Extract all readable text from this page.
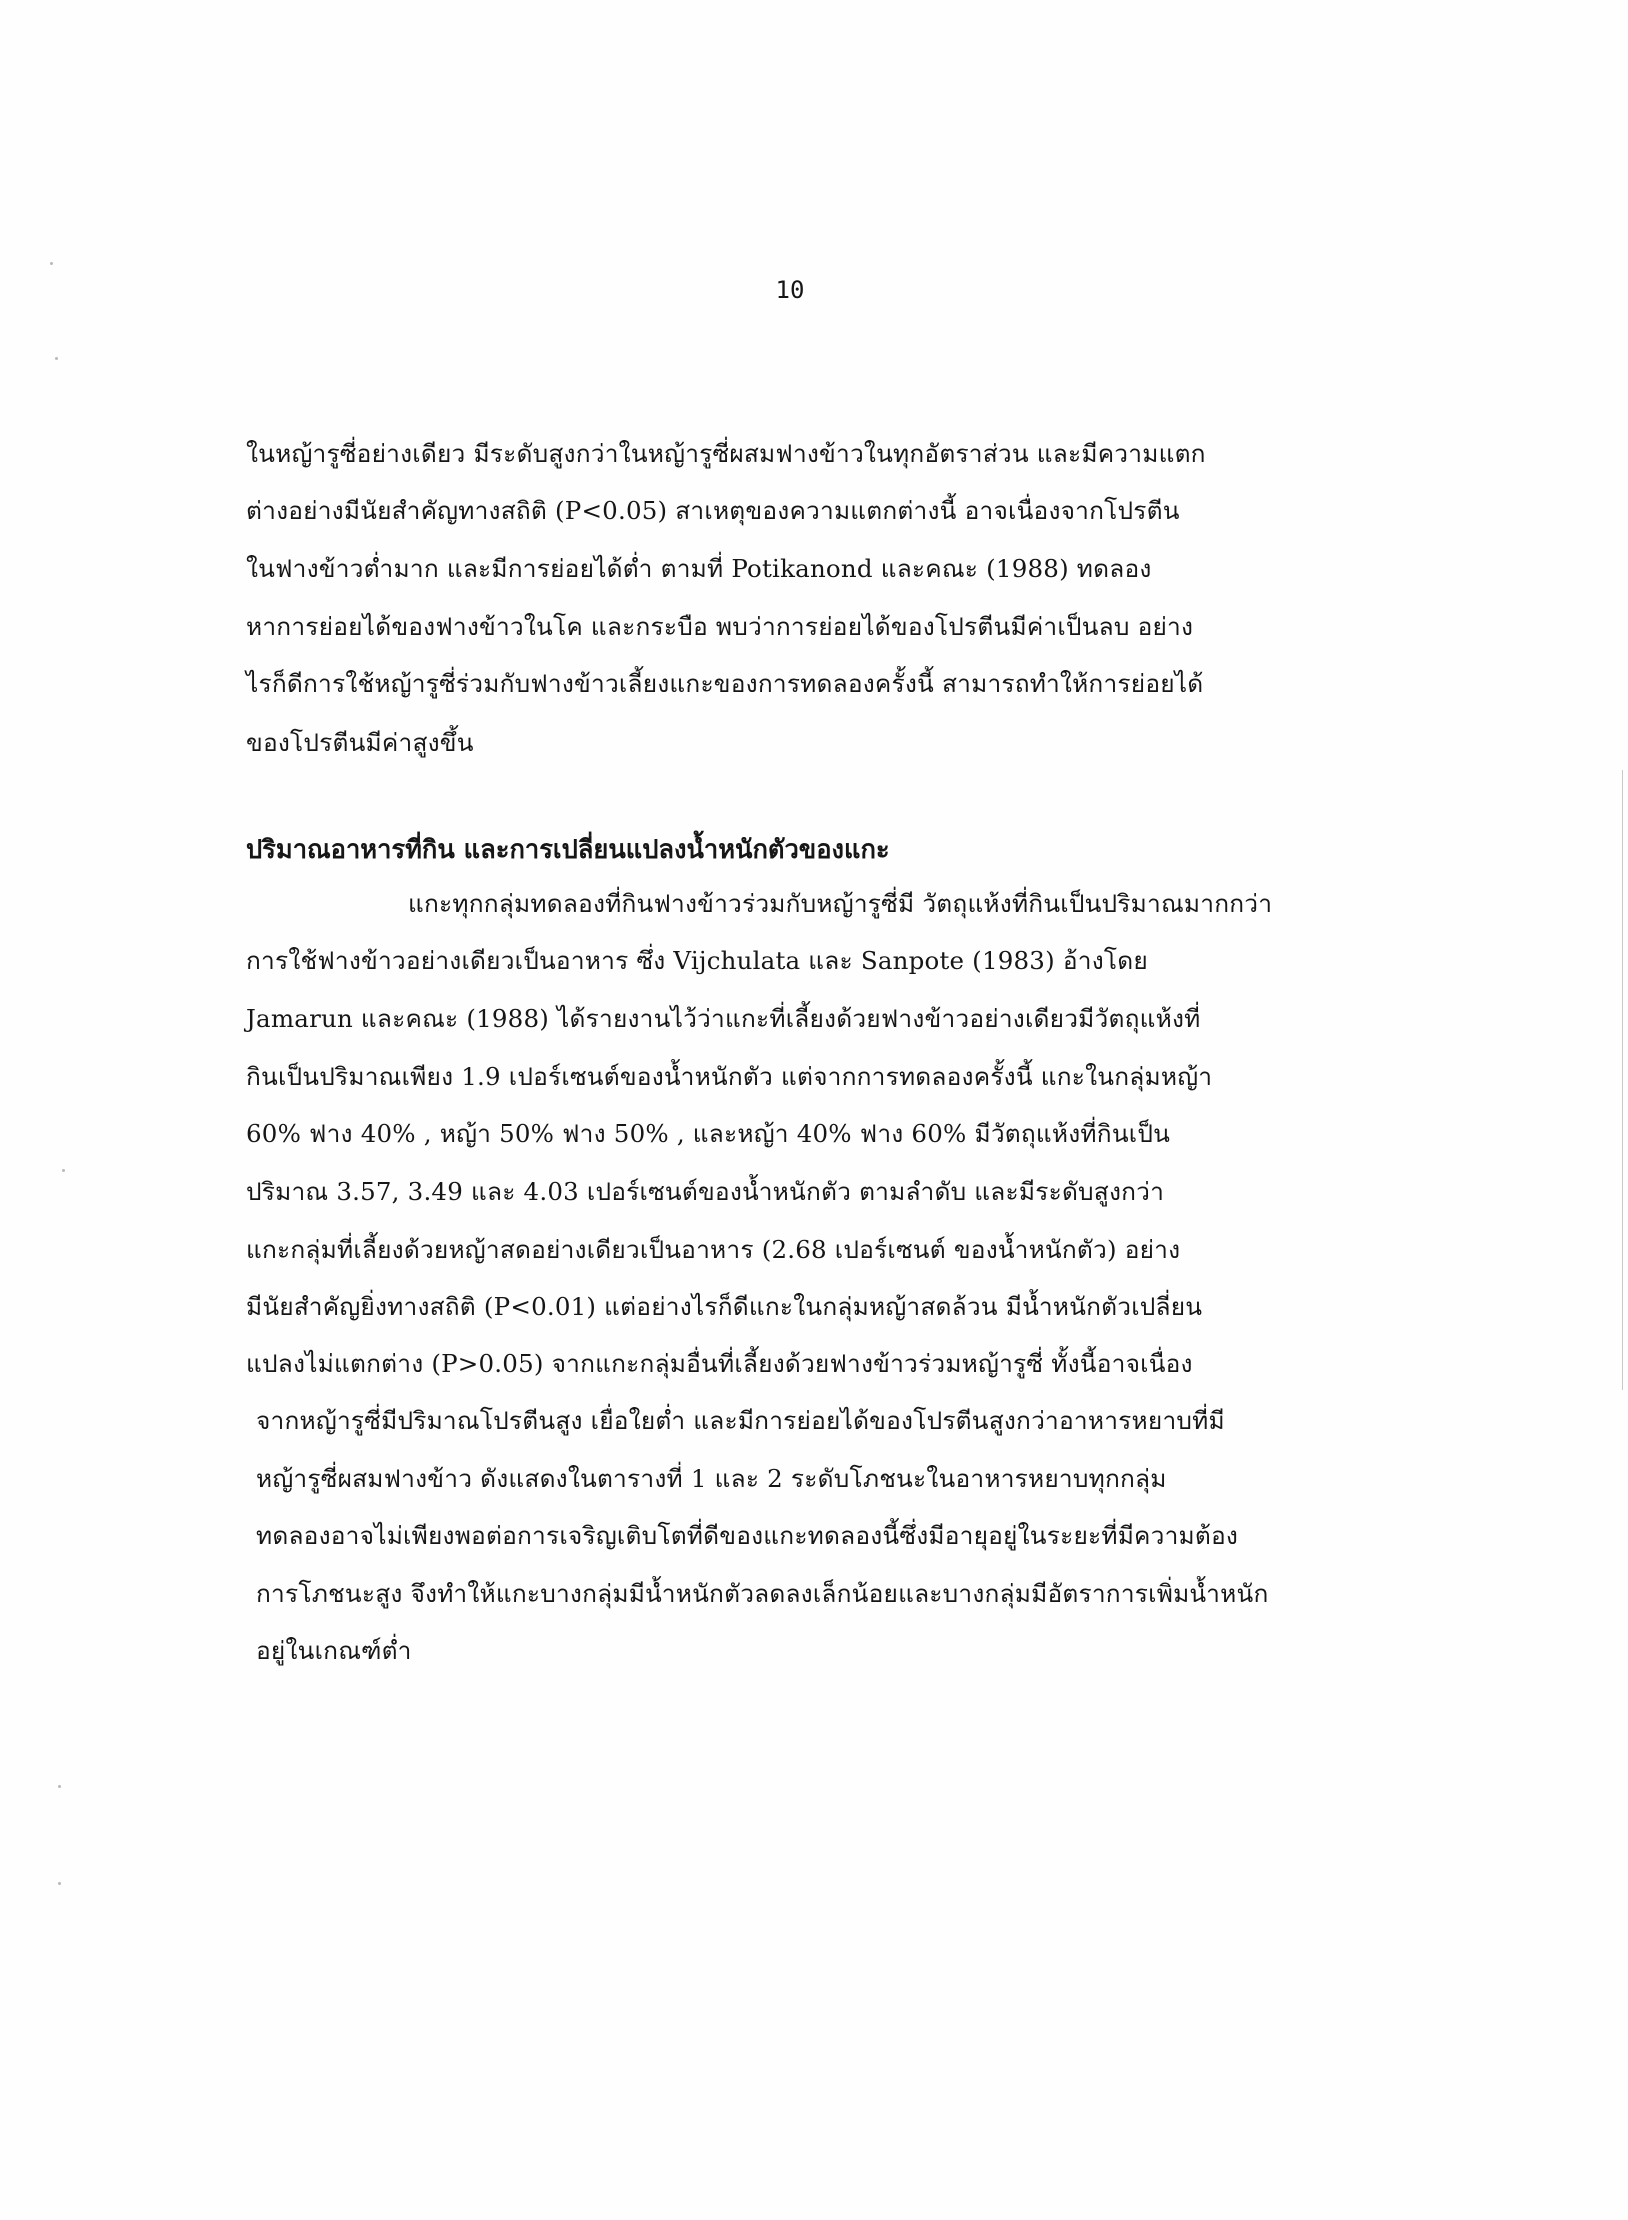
10
ในหญ้ารูซี่อย่างเดียว มีระดับสูงกว่าในหญ้ารูซี่ผสมฟางข้าวในทุกอัตราส่วน และมีความแตก
ต่างอย่างมีนัยสำคัญทางสถิติ (P<0.05) สาเหตุของความแตกต่างนี้ อาจเนื่องจากโปรตีน
ในฟางข้าวต่ำมาก และมีการย่อยได้ต่ำ ตามที่ Potikanond และคณะ (1988) ทดลอง
หาการย่อยได้ของฟางข้าวในโค และกระบือ พบว่าการย่อยได้ของโปรตีนมีค่าเป็นลบ อย่าง
ไรก็ดีการใช้หญ้ารูซี่ร่วมกับฟางข้าวเลี้ยงแกะของการทดลองครั้งนี้ สามารถทำให้การย่อยได้
ของโปรตีนมีค่าสูงขึ้น
ปริมาณอาหารที่กิน และการเปลี่ยนแปลงน้ำหนักตัวของแกะ
แกะทุกกลุ่มทดลองที่กินฟางข้าวร่วมกับหญ้ารูซี่มี วัตถุแห้งที่กินเป็นปริมาณมากกว่า
การใช้ฟางข้าวอย่างเดียวเป็นอาหาร ซึ่ง Vijchulata และ Sanpote (1983) อ้างโดย
Jamarun และคณะ (1988) ได้รายงานไว้ว่าแกะที่เลี้ยงด้วยฟางข้าวอย่างเดียวมีวัตถุแห้งที่
กินเป็นปริมาณเพียง 1.9 เปอร์เซนต์ของน้ำหนักตัว แต่จากการทดลองครั้งนี้ แกะในกลุ่มหญ้า
60% ฟาง 40% , หญ้า 50% ฟาง 50% , และหญ้า 40% ฟาง 60% มีวัตถุแห้งที่กินเป็น
ปริมาณ 3.57, 3.49 และ 4.03 เปอร์เซนต์ของน้ำหนักตัว ตามลำดับ และมีระดับสูงกว่า
แกะกลุ่มที่เลี้ยงด้วยหญ้าสดอย่างเดียวเป็นอาหาร (2.68 เปอร์เซนต์ ของน้ำหนักตัว) อย่าง
มีนัยสำคัญยิ่งทางสถิติ (P<0.01) แต่อย่างไรก็ดีแกะในกลุ่มหญ้าสดล้วน มีน้ำหนักตัวเปลี่ยน
แปลงไม่แตกต่าง (P>0.05) จากแกะกลุ่มอื่นที่เลี้ยงด้วยฟางข้าวร่วมหญ้ารูซี่ ทั้งนี้อาจเนื่อง
จากหญ้ารูซี่มีปริมาณโปรตีนสูง เยื่อใยต่ำ และมีการย่อยได้ของโปรตีนสูงกว่าอาหารหยาบที่มี
หญ้ารูซี่ผสมฟางข้าว ดังแสดงในตารางที่ 1 และ 2 ระดับโภชนะในอาหารหยาบทุกกลุ่ม
ทดลองอาจไม่เพียงพอต่อการเจริญเติบโตที่ดีของแกะทดลองนี้ซึ่งมีอายุอยู่ในระยะที่มีความต้อง
การโภชนะสูง จึงทำให้แกะบางกลุ่มมีน้ำหนักตัวลดลงเล็กน้อยและบางกลุ่มมีอัตราการเพิ่มน้ำหนัก
อยู่ในเกณฑ์ต่ำ
